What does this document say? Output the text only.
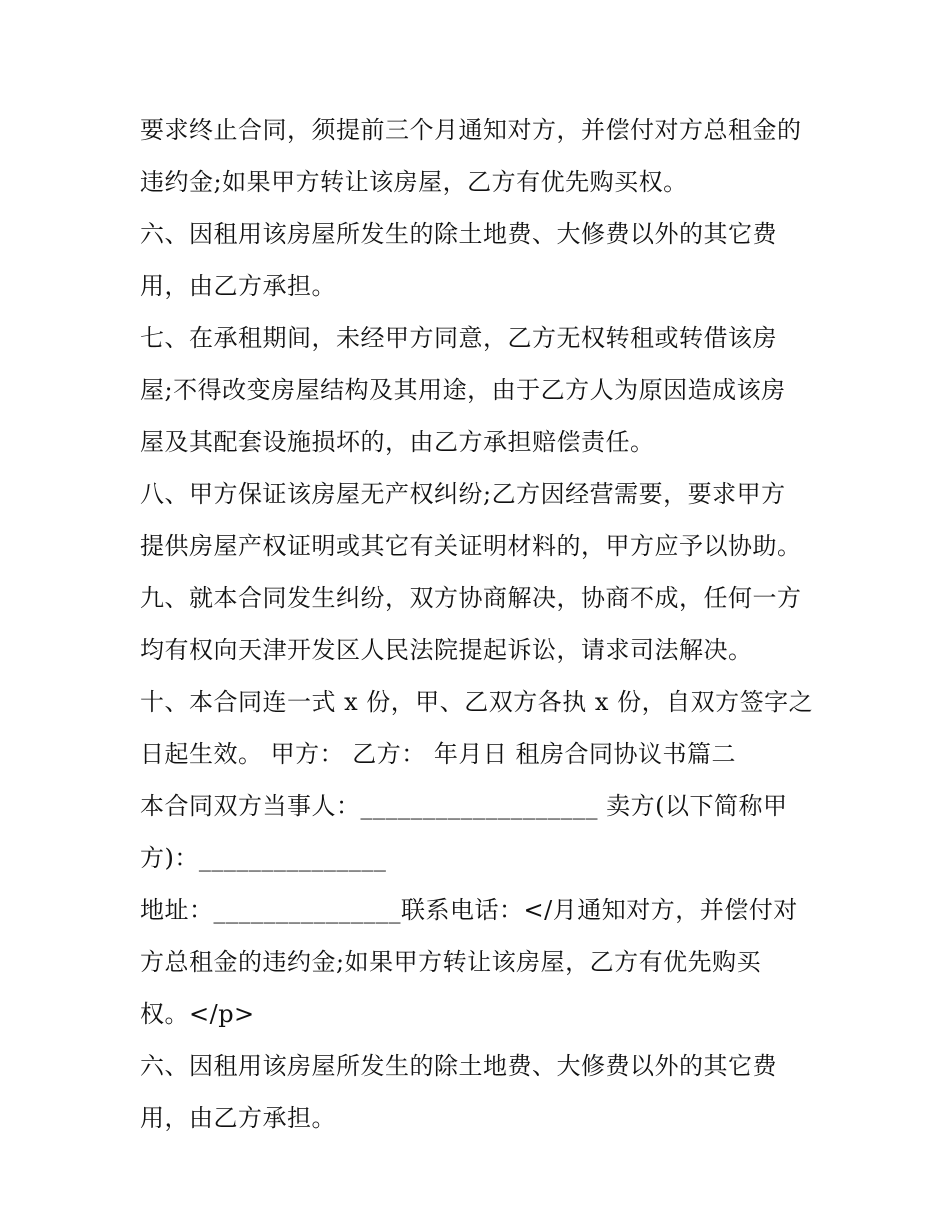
要求终止合同，须提前三个月通知对方，并偿付对方总租金的
违约金;如果甲方转让该房屋，乙方有优先购买权。
六、因租用该房屋所发生的除土地费、大修费以外的其它费
用，由乙方承担。
七、在承租期间，未经甲方同意，乙方无权转租或转借该房
屋;不得改变房屋结构及其用途，由于乙方人为原因造成该房
屋及其配套设施损坏的，由乙方承担赔偿责任。
八、甲方保证该房屋无产权纠纷;乙方因经营需要，要求甲方
提供房屋产权证明或其它有关证明材料的，甲方应予以协助。
九、就本合同发生纠纷，双方协商解决，协商不成，任何一方
均有权向天津开发区人民法院提起诉讼，请求司法解决。
十、本合同连一式 x 份，甲、乙双方各执 x 份，自双方签字之
日起生效。 甲方： 乙方： 年月日 租房合同协议书篇二
本合同双方当事人：___________________ 卖方(以下简称甲
方)：_______________
地址：_______________联系电话：</月通知对方，并偿付对
方总租金的违约金;如果甲方转让该房屋，乙方有优先购买
权。</p>
六、因租用该房屋所发生的除土地费、大修费以外的其它费
用，由乙方承担。
